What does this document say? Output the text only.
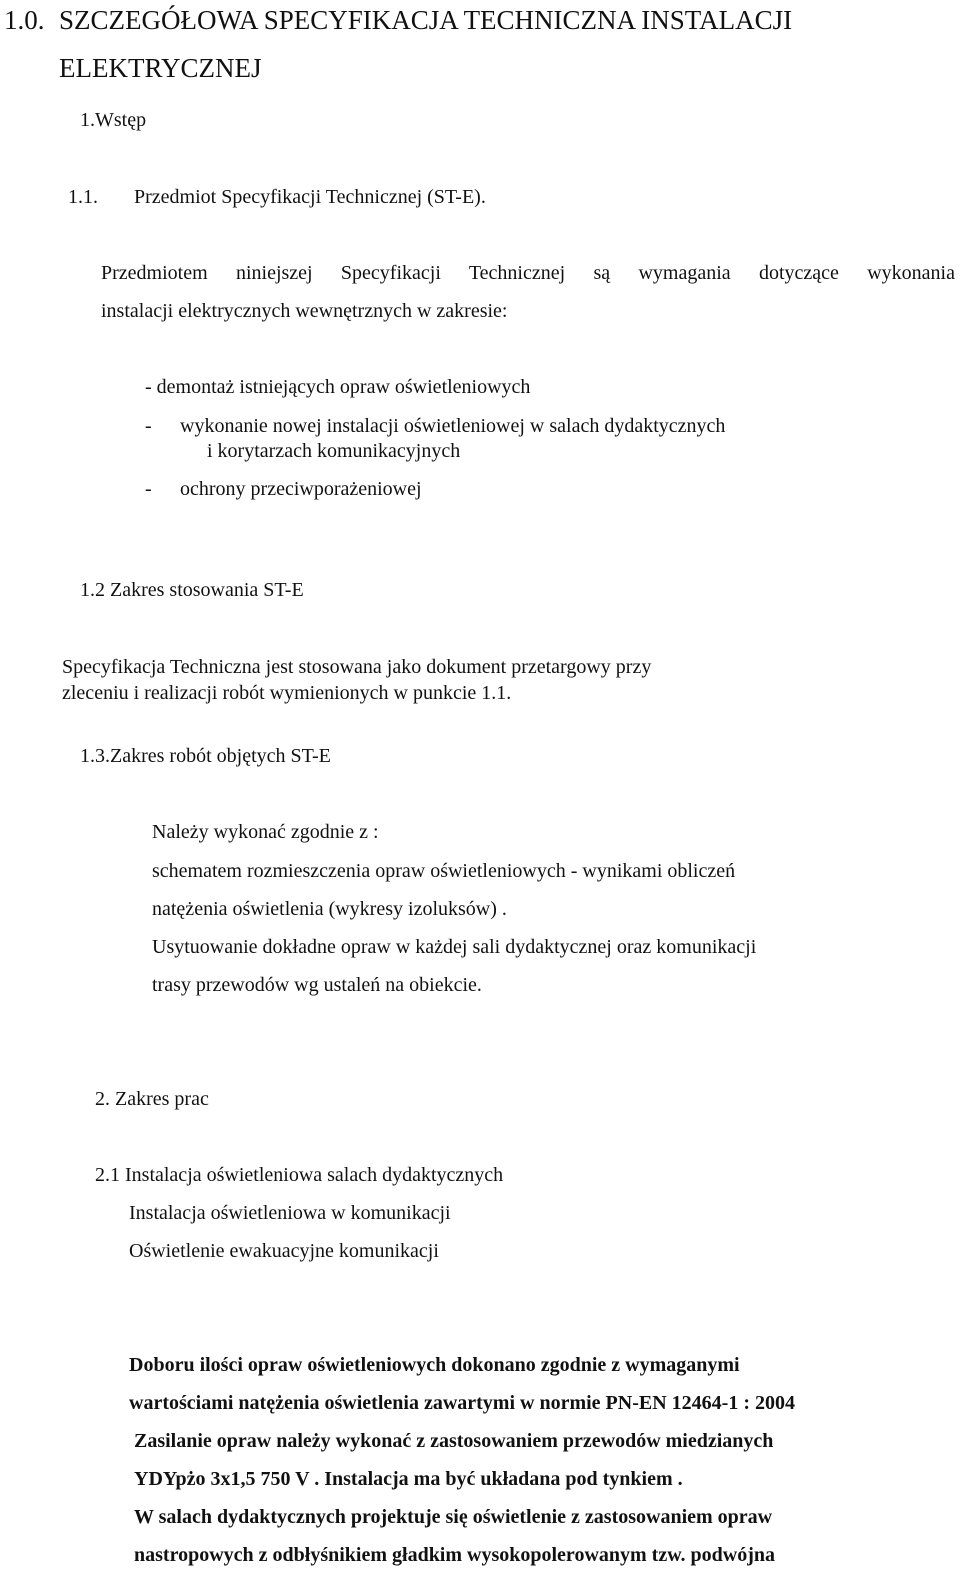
1.0. SZCZEGÓŁOWA SPECYFIKACJA TECHNICZNA INSTALACJI
ELEKTRYCZNEJ
1.Wstęp
1.1. Przedmiot Specyfikacji Technicznej (ST-E).
Przedmiotem niniejszej Specyfikacji Technicznej są wymagania dotyczące wykonania
instalacji elektrycznych wewnętrznych w zakresie:
- demontaż istniejących opraw oświetleniowych
- wykonanie nowej instalacji oświetleniowej w salach dydaktycznych
i korytarzach komunikacyjnych
- ochrony przeciwporażeniowej
1.2 Zakres stosowania ST-E
Specyfikacja Techniczna jest stosowana jako dokument przetargowy przy
zleceniu i realizacji robót wymienionych w punkcie 1.1.
1.3.Zakres robót objętych ST-E
Należy wykonać zgodnie z :
schematem rozmieszczenia opraw oświetleniowych - wynikami obliczeń
natężenia oświetlenia (wykresy izoluksów) .
Usytuowanie dokładne opraw w każdej sali dydaktycznej oraz komunikacji
trasy przewodów wg ustaleń na obiekcie.
2. Zakres prac
2.1 Instalacja oświetleniowa salach dydaktycznych
Instalacja oświetleniowa w komunikacji
Oświetlenie ewakuacyjne komunikacji
Doboru ilości opraw oświetleniowych dokonano zgodnie z wymaganymi
wartościami natężenia oświetlenia zawartymi w normie PN-EN 12464-1 : 2004
Zasilanie opraw należy wykonać z zastosowaniem przewodów miedzianych
YDYpżo 3x1,5 750 V . Instalacja ma być układana pod tynkiem .
W salach dydaktycznych projektuje się oświetlenie z zastosowaniem opraw
nastropowych z odbłyśnikiem gładkim wysokopolerowanym tzw. podwójna
